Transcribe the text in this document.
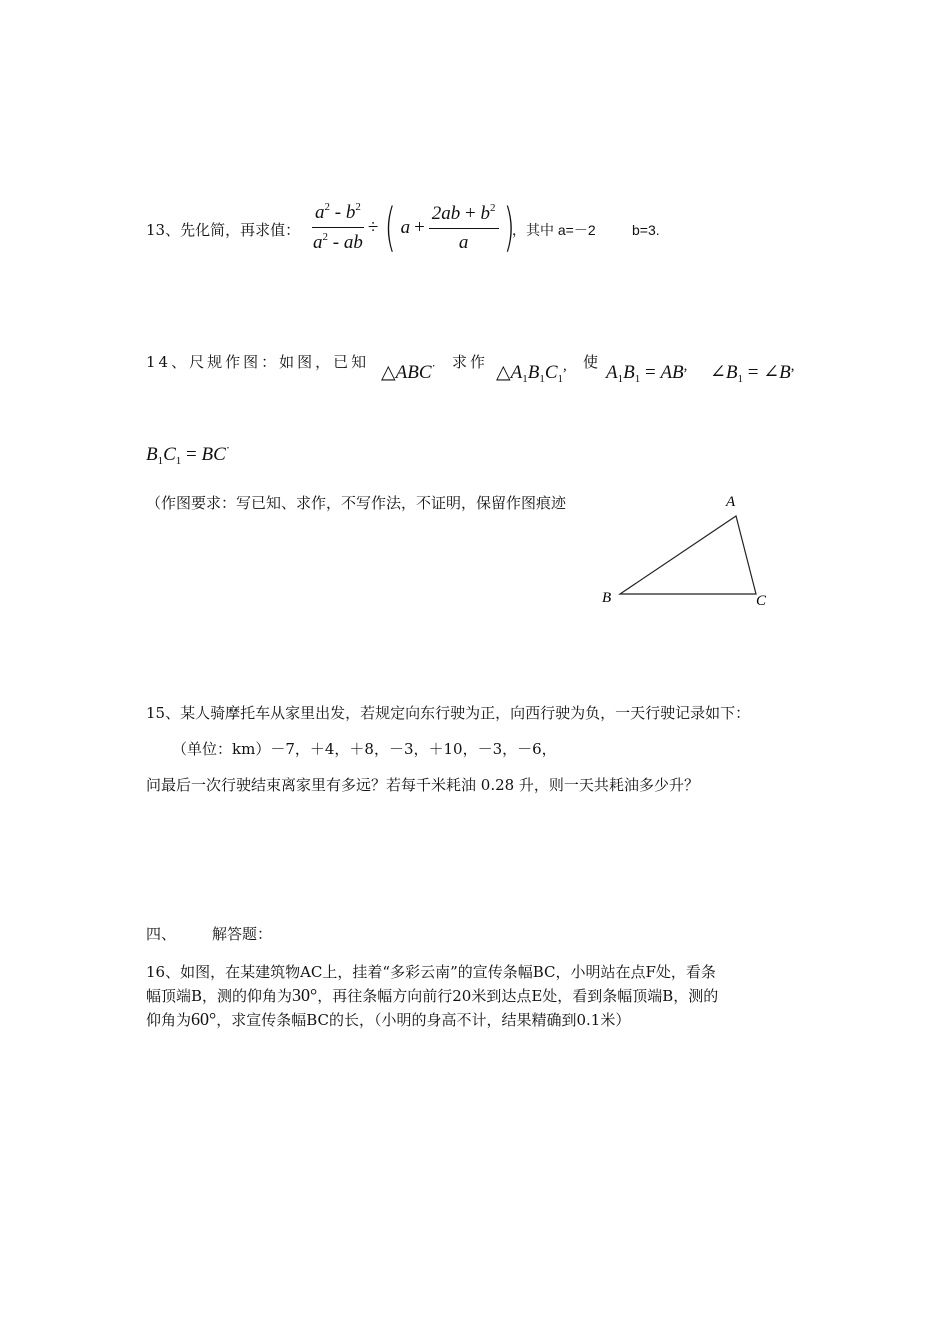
13、先化简，再求值： $\frac{a^2 - b^2}{a^2 - ab}$ ÷ ( $a + \frac{2ab + b^2}{a}$ )
，其中 a=－2	b=3.
14、尺规作图：如图，已知 △ABC· 求作 $\triangle A_1B_1C_1^,$ 使 $A_1B_1 = AB^,$ $\angle B_1$ = ∠B,
$B_1C_1 = BC^\cdot$
（作图要求：写已知、求作，不写作法，不证明，保留作图痕迹	A
B	C
15、某人骑摩托车从家里出发，若规定向东行驶为正，向西行驶为负，一天行驶记录如下：
（单位：km）－7，＋4，＋8，－3，＋10，－3，－6，
问最后一次行驶结束离家里有多远？若每千米耗油 0.28 升，则一天共耗油多少升？
四、 解答题：
16、如图，在某建筑物AC上，挂着“多彩云南”的宣传条幅BC，小明站在点F处，看条
幅顶端B，测的仰角为30°，再往条幅方向前行20米到达点E处，看到条幅顶端B，测的
仰角为60°，求宣传条幅BC的长，（小明的身高不计，结果精确到0.1米）
